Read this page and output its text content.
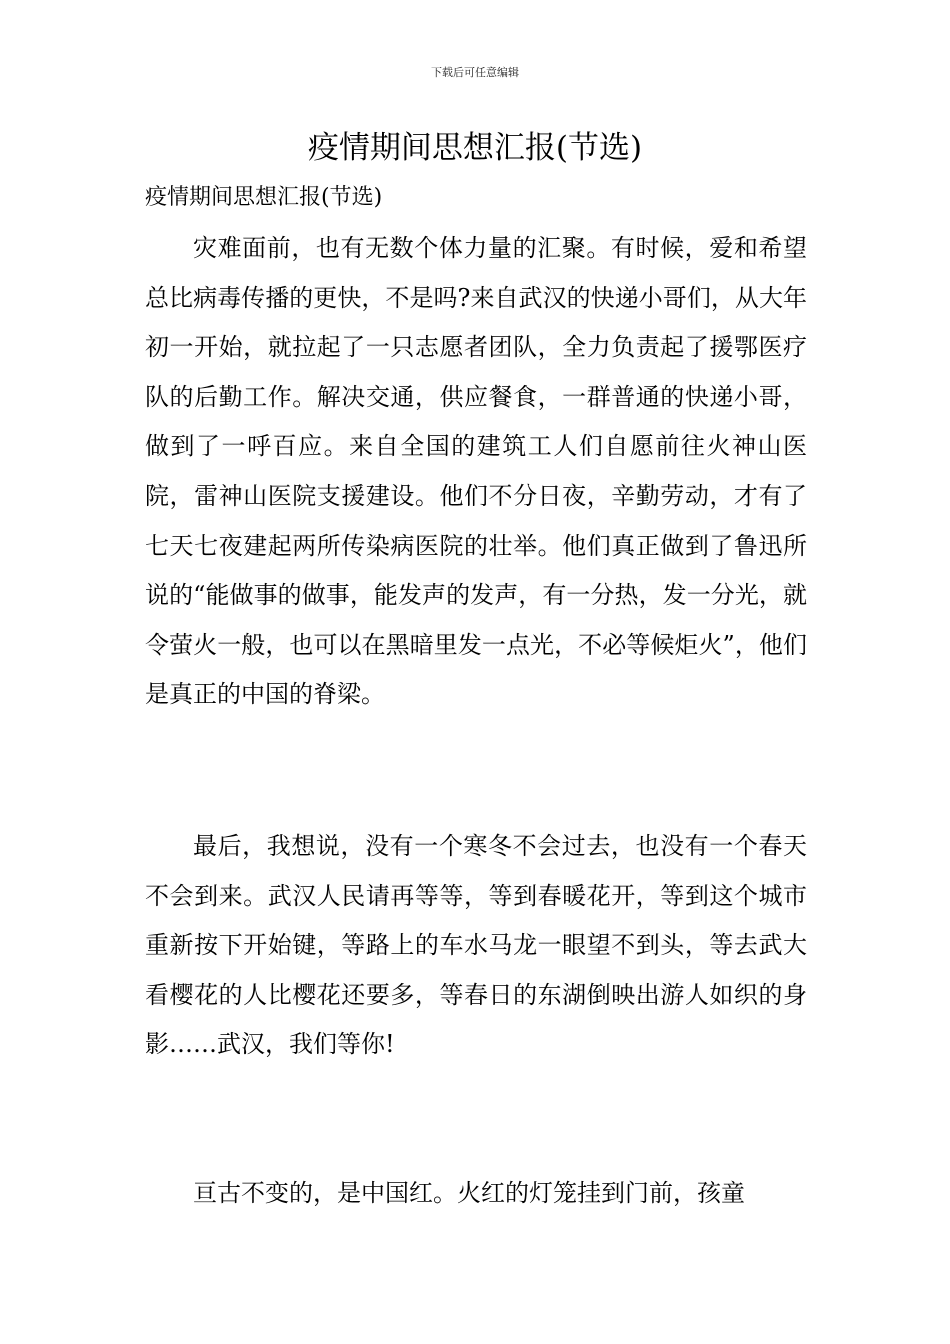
下载后可任意编辑
疫情期间思想汇报(节选)

疫情期间思想汇报(节选)

灾难面前，也有无数个体力量的汇聚。有时候，爱和希望总比病毒传播的更快，不是吗?来自武汉的快递小哥们，从大年初一开始，就拉起了一只志愿者团队，全力负责起了援鄂医疗队的后勤工作。解决交通，供应餐食，一群普通的快递小哥，做到了一呼百应。来自全国的建筑工人们自愿前往火神山医院，雷神山医院支援建设。他们不分日夜，辛勤劳动，才有了七天七夜建起两所传染病医院的壮举。他们真正做到了鲁迅所说的“能做事的做事，能发声的发声，有一分热，发一分光，就令萤火一般，也可以在黑暗里发一点光，不必等候炬火”，他们是真正的中国的脊梁。

最后，我想说，没有一个寒冬不会过去，也没有一个春天不会到来。武汉人民请再等等，等到春暖花开，等到这个城市重新按下开始键，等路上的车水马龙一眼望不到头，等去武大看樱花的人比樱花还要多，等春日的东湖倒映出游人如织的身影……武汉，我们等你!

亘古不变的，是中国红。火红的灯笼挂到门前，孩童
